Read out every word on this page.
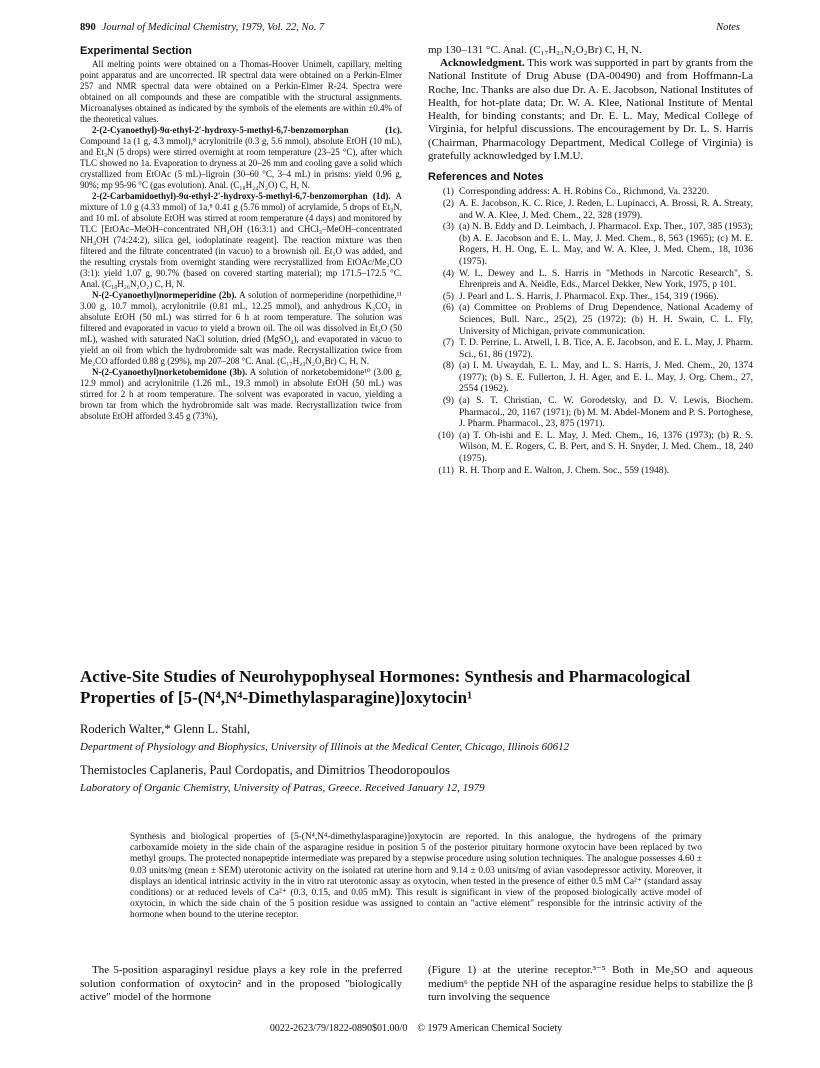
890 Journal of Medicinal Chemistry, 1979, Vol. 22, No. 7	Notes
Experimental Section

All melting points were obtained on a Thomas-Hoover Unimelt, capillary, melting point apparatus and are uncorrected. IR spectral data were obtained on a Perkin-Elmer 257 and NMR spectral data were obtained on a Perkin-Elmer R-24. Spectra were obtained on all compounds and these are compatible with the structural assignments. Microanalyses obtained as indicated by the symbols of the elements are within ±0.4% of the theoretical values.

2-(2-Cyanoethyl)-9α-ethyl-2′-hydroxy-5-methyl-6,7-benzomorphan (1c). Compound 1a (1 g, 4.3 mmol),⁸ acrylonitrile (0.3 g, 5.6 mmol), absolute EtOH (10 mL), and Et₃N (5 drops) were stirred overnight at room temperature (23–25 °C), after which TLC showed no 1a. Evaporation to dryness at 20–26 mm and cooling gave a solid which crystallized from EtOAc (5 mL)–ligroin (30–60 °C, 3–4 mL) in prisms: yield 0.96 g, 90%; mp 95-96 °C (gas evolution). Anal. (C₁₈H₂₄N₂O) C, H, N.

2-(2-Carbamidoethyl)-9α-ethyl-2′-hydroxy-5-methyl-6,7-benzomorphan (1d). A mixture of 1.0 g (4.33 mmol) of 1a,⁸ 0.41 g (5.76 mmol) of acrylamide, 5 drops of Et₃N, and 10 mL of absolute EtOH was stirred at room temperature (4 days) and monitored by TLC [EtOAc–MeOH–concentrated NH₄OH (16:3:1) and CHCl₃–MeOH–concentrated NH₄OH (74:24:2), silica gel, iodoplatinate reagent]. The reaction mixture was then filtered and the filtrate concentrated (in vacuo) to a brownish oil. Et₂O was added, and the resulting crystals from overnight standing were recrystallized from EtOAc/Me₂CO (3:1): yield 1.07 g, 90.7% (based on covered starting material); mp 171.5–172.5 °C. Anal. (C₁₈H₂₆N₂O₂) C, H, N.

N-(2-Cyanoethyl)normeperidine (2b). A solution of normeperidine (norpethidine,¹¹ 3.00 g, 10.7 mmol), acrylonitrile (0.81 mL, 12.25 mmol), and anhydrous K₂CO₃ in absolute EtOH (50 mL) was stirred for 6 h at room temperature. The solution was filtered and evaporated in vacuo to yield a brown oil. The oil was dissolved in Et₂O (50 mL), washed with saturated NaCl solution, dried (MgSO₄), and evaporated in vacuo to yield an oil from which the hydrobromide salt was made. Recrystallization twice from Me₂CO afforded 0.88 g (29%), mp 207–208 °C. Anal. (C₁₇H₂₃N₂O₂Br) C, H, N.

N-(2-Cyanoethyl)norketobemidone (3b). A solution of norketobemidone¹⁰ (3.00 g, 12.9 mmol) and acrylonitrile (1.26 mL, 19.3 mmol) in absolute EtOH (50 mL) was stirred for 2 h at room temperature. The solvent was evaporated in vacuo, yielding a brown tar from which the hydrobromide salt was made. Recrystallization twice from absolute EtOH afforded 3.45 g (73%),

mp 130–131 °C. Anal. (C₁₇H₂₃N₂O₂Br) C, H, N.

Acknowledgment. This work was supported in part by grants from the National Institute of Drug Abuse (DA-00490) and from Hoffmann-La Roche, Inc. Thanks are also due Dr. A. E. Jacobson, National Institutes of Health, for hot-plate data; Dr. W. A. Klee, National Institute of Mental Health, for binding constants; and Dr. E. L. May, Medical College of Virginia, for helpful discussions. The encouragement by Dr. L. S. Harris (Chairman, Pharmacology Department, Medical College of Virginia) is gratefully acknowledged by I.M.U.

References and Notes
(1) Corresponding address: A. H. Robins Co., Richmond, Va. 23220.
(2) A. E. Jacobson, K. C. Rice, J. Reden, L. Lupinacci, A. Brossi, R. A. Streaty, and W. A. Klee, J. Med. Chem., 22, 328 (1979).
(3) (a) N. B. Eddy and D. Leimbach, J. Pharmacol. Exp. Ther., 107, 385 (1953); (b) A. E. Jacobson and E. L. May, J. Med. Chem., 8, 563 (1965); (c) M. E. Rogers, H. H. Ong, E. L. May, and W. A. Klee, J. Med. Chem., 18, 1036 (1975).
(4) W. L. Dewey and L. S. Harris in "Methods in Narcotic Research", S. Ehrenpreis and A. Neidle, Eds., Marcel Dekker, New York, 1975, p 101.
(5) J. Pearl and L. S. Harris, J. Pharmacol. Exp. Ther., 154, 319 (1966).
(6) (a) Committee on Problems of Drug Dependence, National Academy of Sciences, Bull. Narc., 25(2), 25 (1972); (b) H. H. Swain, C. L. Fly, University of Michigan, private communication.
(7) T. D. Perrine, L. Atwell, I. B. Tice, A. E. Jacobson, and E. L. May, J. Pharm. Sci., 61, 86 (1972).
(8) (a) I. M. Uwaydah, E. L. May, and L. S. Harris, J. Med. Chem., 20, 1374 (1977); (b) S. E. Fullerton, J. H. Ager, and E. L. May, J. Org. Chem., 27, 2554 (1962).
(9) (a) S. T. Christian, C. W. Gorodetsky, and D. V. Lewis, Biochem. Pharmacol., 20, 1167 (1971); (b) M. M. Abdel-Monem and P. S. Portoghese, J. Pharm. Pharmacol., 23, 875 (1971).
(10) (a) T. Oh-ishi and E. L. May, J. Med. Chem., 16, 1376 (1973); (b) R. S. Wilson, M. E. Rogers, C. B. Pert, and S. H. Snyder, J. Med. Chem., 18, 240 (1975).
(11) R. H. Thorp and E. Walton, J. Chem. Soc., 559 (1948).
Active-Site Studies of Neurohypophyseal Hormones: Synthesis and Pharmacological Properties of [5-(N⁴,N⁴-Dimethylasparagine)]oxytocin¹
Roderich Walter,* Glenn L. Stahl,
Department of Physiology and Biophysics, University of Illinois at the Medical Center, Chicago, Illinois 60612
Themistocles Caplaneris, Paul Cordopatis, and Dimitrios Theodoropoulos
Laboratory of Organic Chemistry, University of Patras, Greece. Received January 12, 1979

Synthesis and biological properties of [5-(N⁴,N⁴-dimethylasparagine)]oxytocin are reported. In this analogue, the hydrogens of the primary carboxamide moiety in the side chain of the asparagine residue in position 5 of the posterior pituitary hormone oxytocin have been replaced by two methyl groups. The protected nonapeptide intermediate was prepared by a stepwise procedure using solution techniques. The analogue possesses 4.60 ± 0.03 units/mg (mean ± SEM) uterotonic activity on the isolated rat uterine horn and 9.14 ± 0.03 units/mg of avian vasodepressor activity. Moreover, it displays an identical intrinsic activity in the in vitro rat uterotonic assay as oxytocin, when tested in the presence of either 0.5 mM Ca²⁺ (standard assay conditions) or at reduced levels of Ca²⁺ (0.3, 0.15, and 0.05 mM). This result is significant in view of the proposed biologically active model of oxytocin, in which the side chain of the 5 position residue was assigned to contain an "active element" responsible for the intrinsic activity of the hormone when bound to the uterine receptor.

The 5-position asparaginyl residue plays a key role in the preferred solution conformation of oxytocin² and in the proposed "biologically active" model of the hormone

(Figure 1) at the uterine receptor.³⁻⁵ Both in Me₂SO and aqueous medium⁶ the peptide NH of the asparagine residue helps to stabilize the β turn involving the sequence

0022-2623/79/1822-0890$01.00/0 © 1979 American Chemical Society
